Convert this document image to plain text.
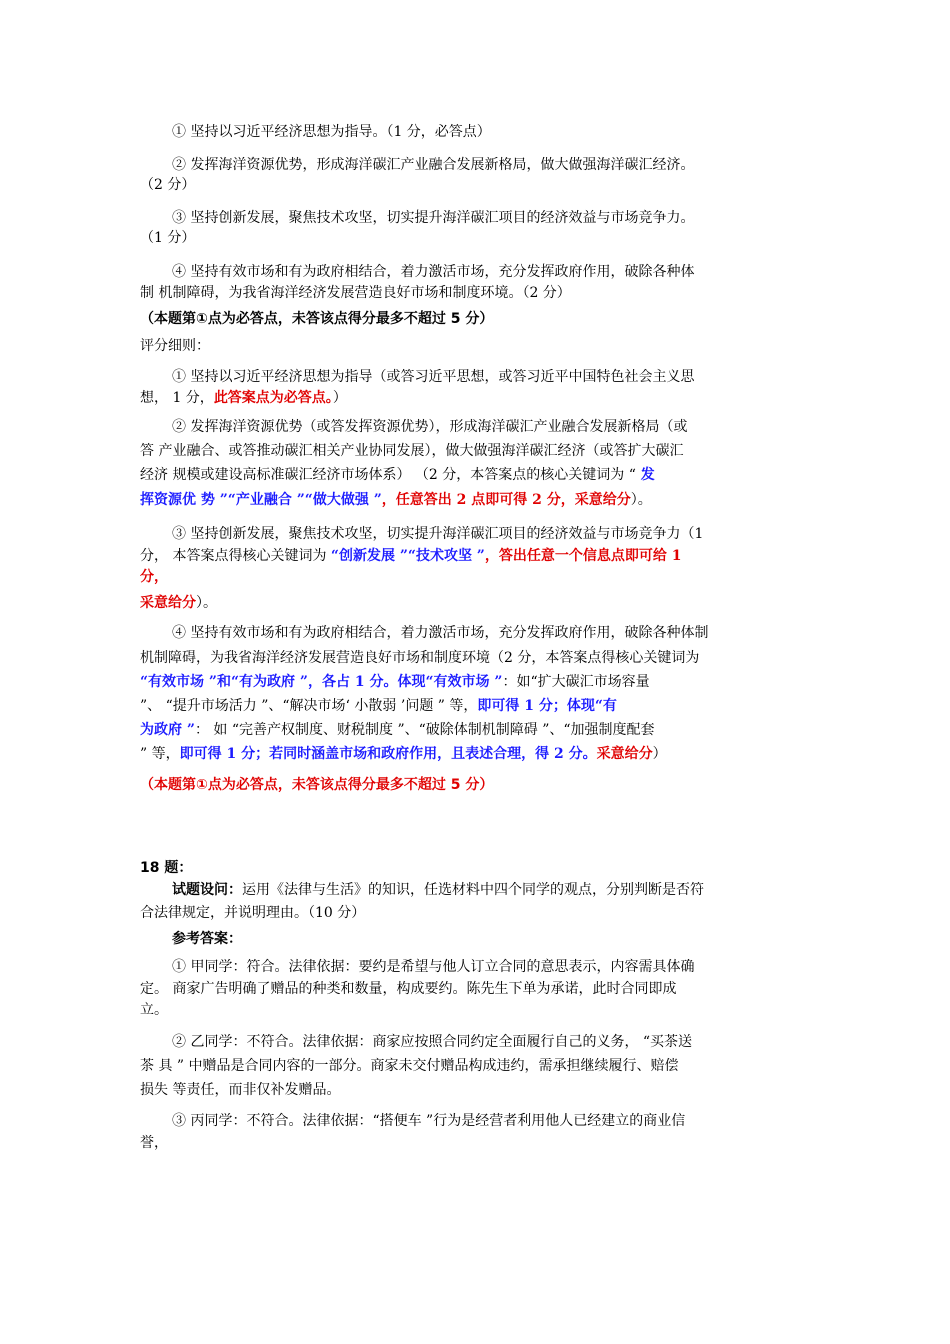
① 坚持以习近平经济思想为指导。（1 分，必答点）
② 发挥海洋资源优势，形成海洋碳汇产业融合发展新格局，做大做强海洋碳汇经济。
（2 分）
③ 坚持创新发展，聚焦技术攻坚，切实提升海洋碳汇项目的经济效益与市场竞争力。
（1 分）
④ 坚持有效市场和有为政府相结合，着力激活市场，充分发挥政府作用，破除各种体
制 机制障碍，为我省海洋经济发展营造良好市场和制度环境。（2 分）
（本题第①点为必答点，未答该点得分最多不超过 5 分）
评分细则：
① 坚持以习近平经济思想为指导（或答习近平思想，或答习近平中国特色社会主义思
想， 1 分，此答案点为必答点。）
② 发挥海洋资源优势（或答发挥资源优势），形成海洋碳汇产业融合发展新格局（或
答 产业融合、或答推动碳汇相关产业协同发展），做大做强海洋碳汇经济（或答扩大碳汇
经济 规模或建设高标准碳汇经济市场体系） （2 分，本答案点的核心关键词为 “ 发
挥资源优 势 ”“产业融合 ”“做大做强 ”，任意答出 2 点即可得 2 分，采意给分）。
③ 坚持创新发展，聚焦技术攻坚，切实提升海洋碳汇项目的经济效益与市场竞争力（1
分， 本答案点得核心关键词为 “创新发展 ”“技术攻坚 ”，答出任意一个信息点即可给 1
分，
采意给分）。
④ 坚持有效市场和有为政府相结合，着力激活市场，充分发挥政府作用，破除各种体制
机制障碍，为我省海洋经济发展营造良好市场和制度环境（2 分，本答案点得核心关键词为
“有效市场 ”和“有为政府 ”，各占 1 分。体现“有效市场 ”：如“扩大碳汇市场容量
”、 “提升市场活力 ”、“解决市场‘ 小散弱 ’问题 ” 等，即可得 1 分；体现“有
为政府 ”： 如 “完善产权制度、财税制度 ”、“破除体制机制障碍 ”、“加强制度配套
” 等，即可得 1 分；若同时涵盖市场和政府作用，且表述合理，得 2 分。采意给分）
（本题第①点为必答点，未答该点得分最多不超过 5 分）
18 题：
试题设问：运用《法律与生活》的知识，任选材料中四个同学的观点，分别判断是否符
合法律规定，并说明理由。（10 分）
参考答案：
① 甲同学：符合。法律依据：要约是希望与他人订立合同的意思表示，内容需具体确
定。 商家广告明确了赠品的种类和数量，构成要约。陈先生下单为承诺，此时合同即成
立。
② 乙同学：不符合。法律依据：商家应按照合同约定全面履行自己的义务， “买茶送
茶 具 ” 中赠品是合同内容的一部分。商家未交付赠品构成违约，需承担继续履行、赔偿
损失 等责任，而非仅补发赠品。
③ 丙同学：不符合。法律依据：“搭便车 ”行为是经营者利用他人已经建立的商业信
誉，
